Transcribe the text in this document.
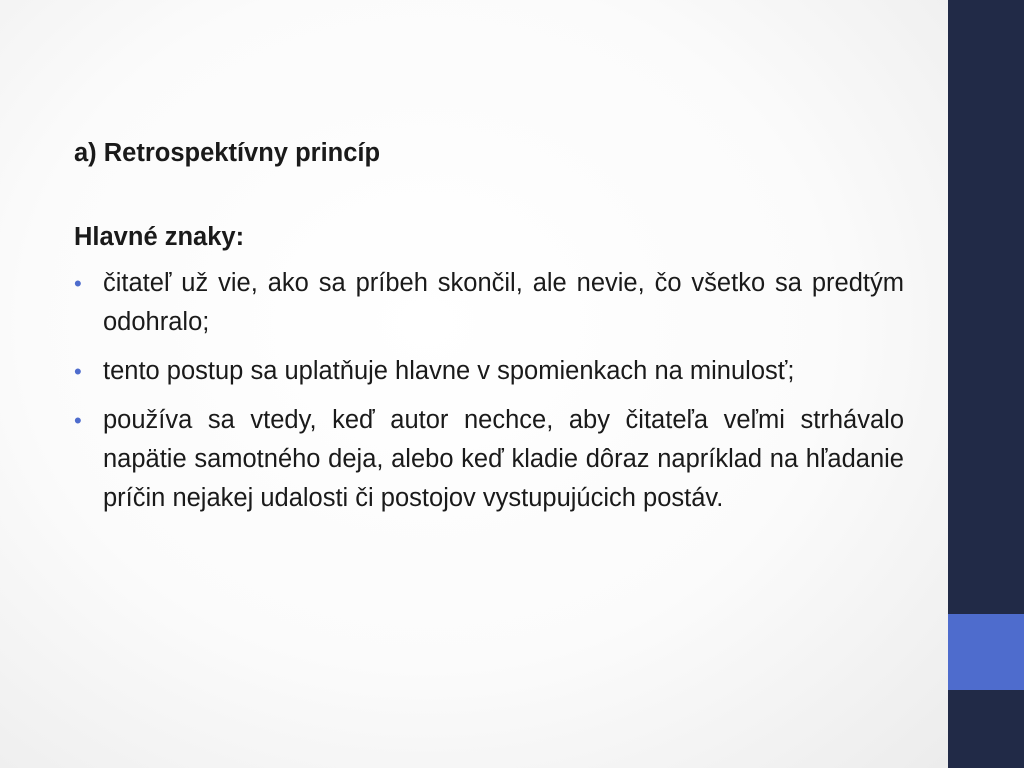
a) Retrospektívny princíp

Hlavné znaky:

• čitateľ už vie, ako sa príbeh skončil, ale nevie, čo všetko sa predtým odohralo;
• tento postup sa uplatňuje hlavne v spomienkach na minulosť;
• používa sa vtedy, keď autor nechce, aby čitateľa veľmi strhávalo napätie samotného deja, alebo keď kladie dôraz napríklad na hľadanie príčin nejakej udalosti či postojov vystupujúcich postáv.
